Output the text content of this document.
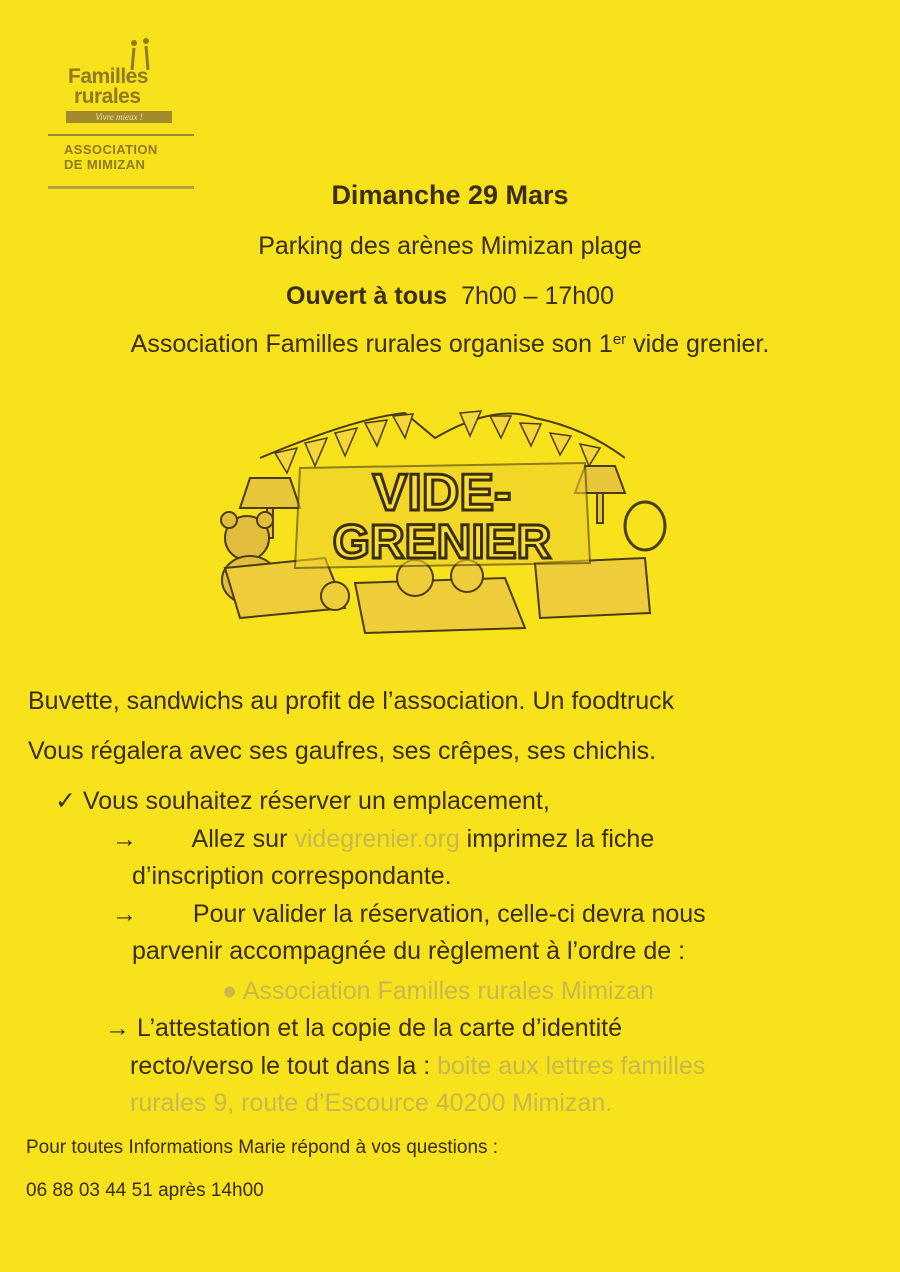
Familles
rurales
Vivre mieux !
ASSOCIATION
DE MIMIZAN
Dimanche 29 Mars
Parking des arènes Mimizan plage
Ouvert à tous 7h00 – 17h00
Association Familles rurales organise son 1er vide grenier.
VIDE-
GRENIER
Buvette, sandwichs au profit de l’association. Un foodtruck
Vous régalera avec ses gaufres, ses crêpes, ses chichis.
✓ Vous souhaitez réserver un emplacement,
→ Allez sur videgrenier.org imprimez la fiche
d’inscription correspondante.
→ Pour valider la réservation, celle-ci devra nous
parvenir accompagnée du règlement à l’ordre de :
● Association Familles rurales Mimizan
→ L’attestation et la copie de la carte d’identité
recto/verso le tout dans la : boite aux lettres familles
rurales 9, route d’Escource 40200 Mimizan.
Pour toutes Informations Marie répond à vos questions :
06 88 03 44 51 après 14h00
